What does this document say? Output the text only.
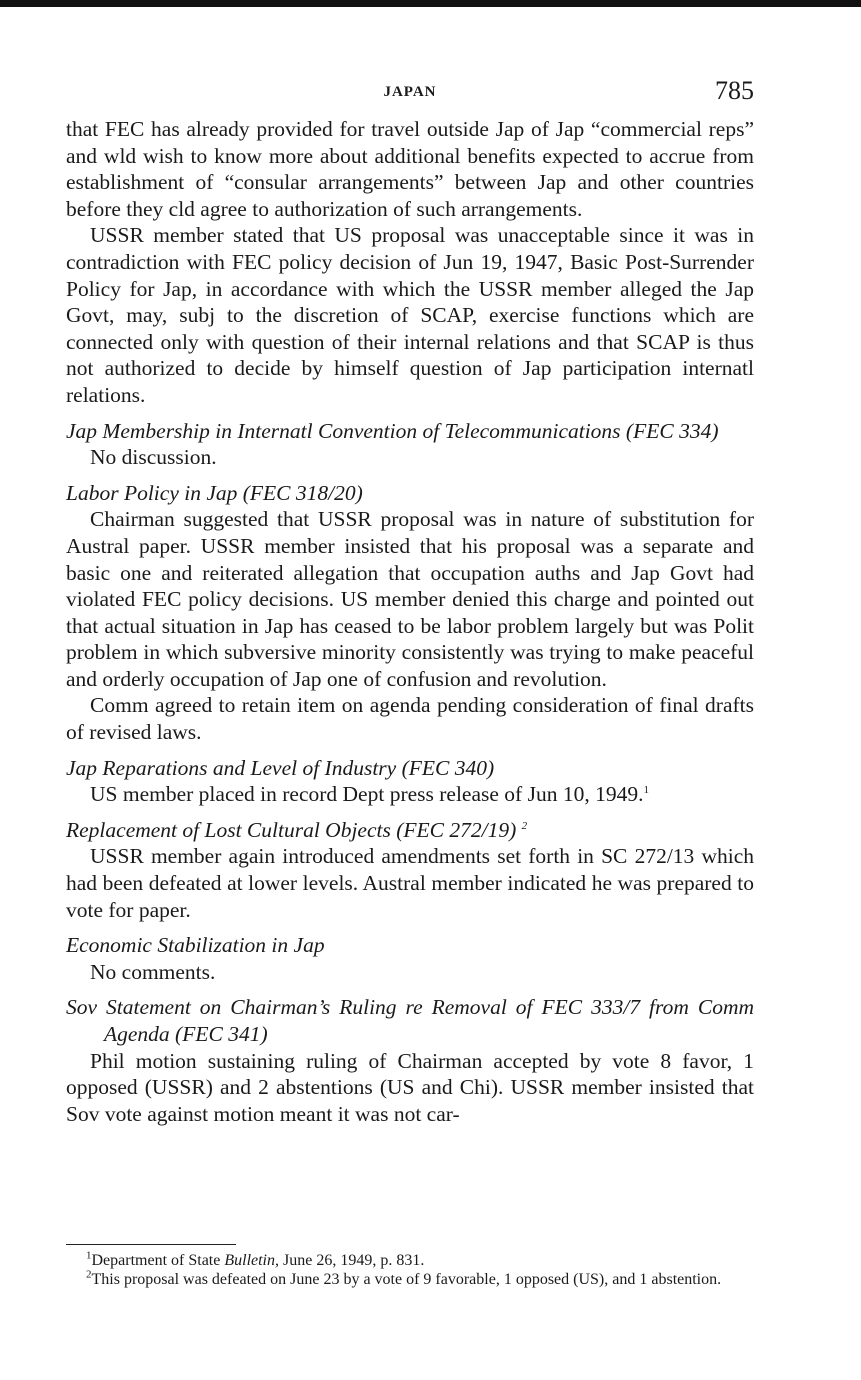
JAPAN	785

that FEC has already provided for travel outside Jap of Jap “commercial reps” and wld wish to know more about additional benefits expected to accrue from establishment of “consular arrangements” between Jap and other countries before they cld agree to authorization of such arrangements.

USSR member stated that US proposal was unacceptable since it was in contradiction with FEC policy decision of Jun 19, 1947, Basic Post-Surrender Policy for Jap, in accordance with which the USSR member alleged the Jap Govt, may, subj to the discretion of SCAP, exercise functions which are connected only with question of their internal relations and that SCAP is thus not authorized to decide by himself question of Jap participation internatl relations.

Jap Membership in Internatl Convention of Telecommunications (FEC 334)

No discussion.

Labor Policy in Jap (FEC 318/20)

Chairman suggested that USSR proposal was in nature of substitution for Austral paper. USSR member insisted that his proposal was a separate and basic one and reiterated allegation that occupation auths and Jap Govt had violated FEC policy decisions. US member denied this charge and pointed out that actual situation in Jap has ceased to be labor problem largely but was Polit problem in which subversive minority consistently was trying to make peaceful and orderly occupation of Jap one of confusion and revolution.

Comm agreed to retain item on agenda pending consideration of final drafts of revised laws.

Jap Reparations and Level of Industry (FEC 340)

US member placed in record Dept press release of Jun 10, 1949.$^1$

Replacement of Lost Cultural Objects (FEC 272/19) $^2$

USSR member again introduced amendments set forth in SC 272/13 which had been defeated at lower levels. Austral member indicated he was prepared to vote for paper.

Economic Stabilization in Jap

No comments.

Sov Statement on Chairman’s Ruling re Removal of FEC 333/7 from Comm Agenda (FEC 341)

Phil motion sustaining ruling of Chairman accepted by vote 8 favor, 1 opposed (USSR) and 2 abstentions (US and Chi). USSR member insisted that Sov vote against motion meant it was not car-

$^1$Department of State Bulletin, June 26, 1949, p. 831.

$^2$This proposal was defeated on June 23 by a vote of 9 favorable, 1 opposed (US), and 1 abstention.
